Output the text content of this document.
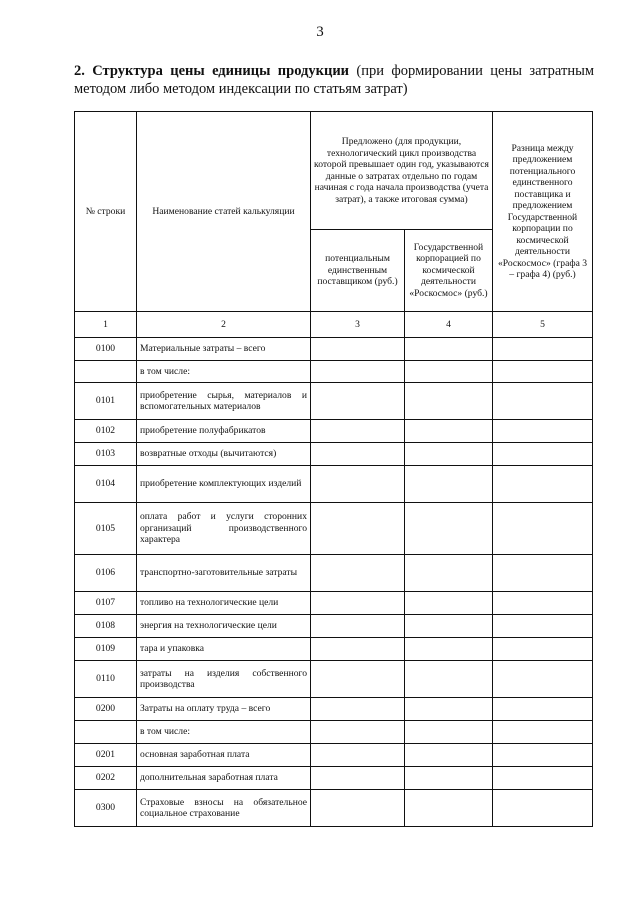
3
2. Структура цены единицы продукции (при формировании цены затратным методом либо методом индексации по статьям затрат)
№ строки	Наименование статей калькуляции	Предложено (для продукции, технологический цикл производства которой превышает один год, указываются данные о затратах отдельно по годам начиная с года начала производства (учета затрат), а также итоговая сумма)		Разница между предложением потенциального единственного поставщика и предложением Государственной корпорации по космической деятельности «Роскосмос» (графа 3 – графа 4) (руб.)
		потенциальным единственным поставщиком (руб.)	Государственной корпорацией по космической деятельности «Роскосмос» (руб.)	
1	2	3	4	5
0100	Материальные затраты – всего			
	в том числе:			
0101	приобретение сырья, материалов и вспомогательных материалов			
0102	приобретение полуфабрикатов			
0103	возвратные отходы (вычитаются)			
0104	приобретение комплектующих изделий			
0105	оплата работ и услуги сторонних организаций производственного характера			
0106	транспортно-заготовительные затраты			
0107	топливо на технологические цели			
0108	энергия на технологические цели			
0109	тара и упаковка			
0110	затраты на изделия собственного производства			
0200	Затраты на оплату труда – всего			
	в том числе:			
0201	основная заработная плата			
0202	дополнительная заработная плата			
0300	Страховые взносы на обязательное социальное страхование			
